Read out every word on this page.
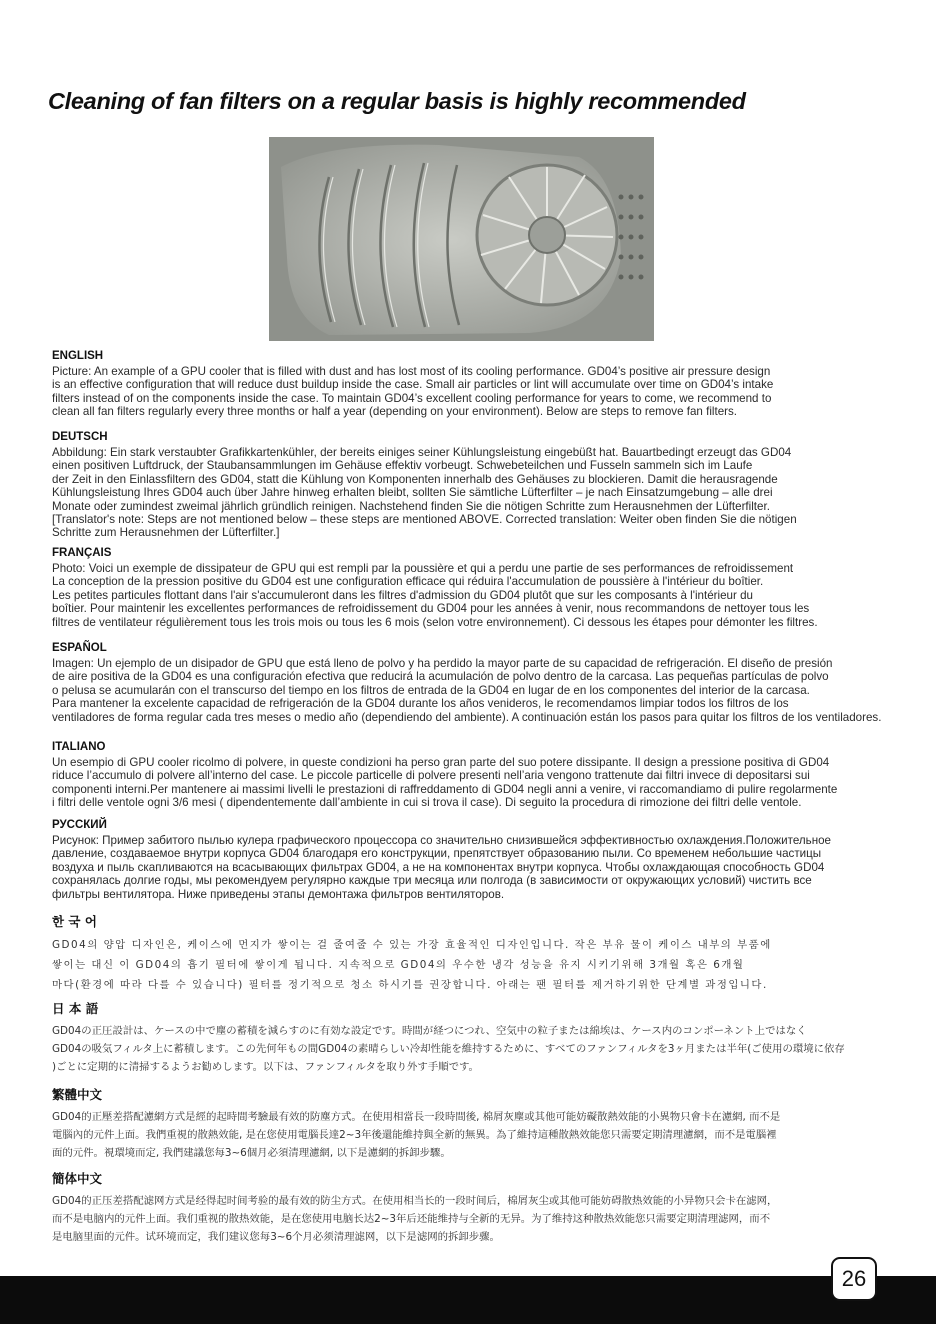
Cleaning of fan filters on a regular basis is highly recommended
ENGLISH

Picture: An example of a GPU cooler that is filled with dust and has lost most of its cooling performance. GD04’s positive air pressure design
is an effective configuration that will reduce dust buildup inside the case. Small air particles or lint will accumulate over time on GD04’s intake
filters instead of on the components inside the case. To maintain GD04’s excellent cooling performance for years to come, we recommend to
clean all fan filters regularly every three months or half a year (depending on your environment). Below are steps to remove fan filters.

DEUTSCH

Abbildung: Ein stark verstaubter Grafikkartenkühler, der bereits einiges seiner Kühlungsleistung eingebüßt hat. Bauartbedingt erzeugt das GD04
einen positiven Luftdruck, der Staubansammlungen im Gehäuse effektiv vorbeugt. Schwebeteilchen und Fusseln sammeln sich im Laufe
der Zeit in den Einlassfiltern des GD04, statt die Kühlung von Komponenten innerhalb des Gehäuses zu blockieren. Damit die herausragende
Kühlungsleistung Ihres GD04 auch über Jahre hinweg erhalten bleibt, sollten Sie sämtliche Lüfterfilter – je nach Einsatzumgebung – alle drei
Monate oder zumindest zweimal jährlich gründlich reinigen. Nachstehend finden Sie die nötigen Schritte zum Herausnehmen der Lüfterfilter.
[Translator's note: Steps are not mentioned below – these steps are mentioned ABOVE. Corrected translation: Weiter oben finden Sie die nötigen
Schritte zum Herausnehmen der Lüfterfilter.]

FRANÇAIS

Photo: Voici un exemple de dissipateur de GPU qui est rempli par la poussière et qui a perdu une partie de ses performances de refroidissement
La conception de la pression positive du GD04 est une configuration efficace qui réduira l'accumulation de poussière à l'intérieur du boîtier.
Les petites particules flottant dans l'air s'accumuleront dans les filtres d'admission du GD04 plutôt que sur les composants à l'intérieur du
boîtier. Pour maintenir les excellentes performances de refroidissement du GD04 pour les années à venir, nous recommandons de nettoyer tous les
filtres de ventilateur régulièrement tous les trois mois ou tous les 6 mois (selon votre environnement). Ci dessous les étapes pour démonter les filtres.

ESPAÑOL

Imagen: Un ejemplo de un disipador de GPU que está lleno de polvo y ha perdido la mayor parte de su capacidad de refrigeración. El diseño de presión
de aire positiva de la GD04 es una configuración efectiva que reducirá la acumulación de polvo dentro de la carcasa. Las pequeñas partículas de polvo
o pelusa se acumularán con el transcurso del tiempo en los filtros de entrada de la GD04 en lugar de en los componentes del interior de la carcasa.
Para mantener la excelente capacidad de refrigeración de la GD04 durante los años venideros, le recomendamos limpiar todos los filtros de los
ventiladores de forma regular cada tres meses o medio año (dependiendo del ambiente). A continuación están los pasos para quitar los filtros de los ventiladores.

ITALIANO

Un esempio di GPU cooler ricolmo di polvere, in queste condizioni ha perso gran parte del suo potere dissipante. Il design a pressione positiva di GD04
riduce l’accumulo di polvere all’interno del case. Le piccole particelle di polvere presenti nell’aria vengono trattenute dai filtri invece di depositarsi sui
componenti interni.Per mantenere ai massimi livelli le prestazioni di raffreddamento di GD04 negli anni a venire, vi raccomandiamo di pulire regolarmente
i filtri delle ventole ogni 3/6 mesi ( dipendentemente dall’ambiente in cui si trova il case). Di seguito la procedura di rimozione dei filtri delle ventole.

РУССКИЙ

Рисунок: Пример забитого пылью кулера графического процессора со значительно снизившейся эффективностью охлаждения.Положительное
давление, создаваемое внутри корпуса GD04 благодаря его конструкции, препятствует образованию пыли. Со временем небольшие частицы
воздуха и пыль скапливаются на всасывающих фильтрах GD04, а не на компонентах внутри корпуса. Чтобы охлаждающая способность GD04
сохранялась долгие годы, мы рекомендуем регулярно каждые три месяца или полгода (в зависимости от окружающих условий) чистить все
фильтры вентилятора. Ниже приведены этапы демонтажа фильтров вентиляторов.

한 국 어

GD04의 양압 디자인은, 케이스에 먼지가 쌓이는 걸 줄여줄 수 있는 가장 효율적인 디자인입니다. 작은 부유 물이 케이스 내부의 부품에
쌓이는 대신 이 GD04의 흡기 필터에 쌓이게 됩니다. 지속적으로 GD04의 우수한 냉각 성능을 유지 시키기위해 3개월 혹은 6개월
마다(환경에 따라 다를 수 있습니다) 필터를 정기적으로 청소 하시기를 권장합니다. 아래는 팬 필터를 제거하기위한 단계별 과정입니다.

日 本 語

GD04の正圧設計は、ケースの中で塵の蓄積を減らすのに有効な設定です。時間が経つにつれ、空気中の粒子または綿埃は、ケース内のコンポーネント上ではなく
GD04の吸気フィルタ上に蓄積します。この先何年もの間GD04の素晴らしい冷却性能を維持するために、すべてのファンフィルタを3ヶ月または半年(ご使用の環境に依存
)ごとに定期的に清掃するようお勧めします。以下は、ファンフィルタを取り外す手順です。

繁體中文

GD04的正壓差搭配濾網方式是經的起時間考驗最有效的防塵方式。在使用相當長一段時間後, 棉屑灰塵或其他可能妨礙散熱效能的小異物只會卡在濾網, 而不是
電腦內的元件上面。我們重視的散熱效能, 是在您使用電腦長達2~3年後還能維持與全新的無異。為了維持這種散熱效能您只需要定期清理濾網，而不是電腦裡
面的元件。視環境而定, 我們建議您每3~6個月必須清理濾網, 以下是濾網的拆卸步驟。

簡体中文

GD04的正压差搭配滤网方式是经得起时间考验的最有效的防尘方式。在使用相当长的一段时间后，棉屑灰尘或其他可能妨碍散热效能的小异物只会卡在滤网，
而不是电脑内的元件上面。我们重视的散热效能，是在您使用电脑长达2~3年后还能维持与全新的无异。为了维持这种散热效能您只需要定期清理滤网，而不
是电脑里面的元件。试环境而定，我们建议您每3~6个月必须清理滤网，以下是滤网的拆卸步骤。

26
